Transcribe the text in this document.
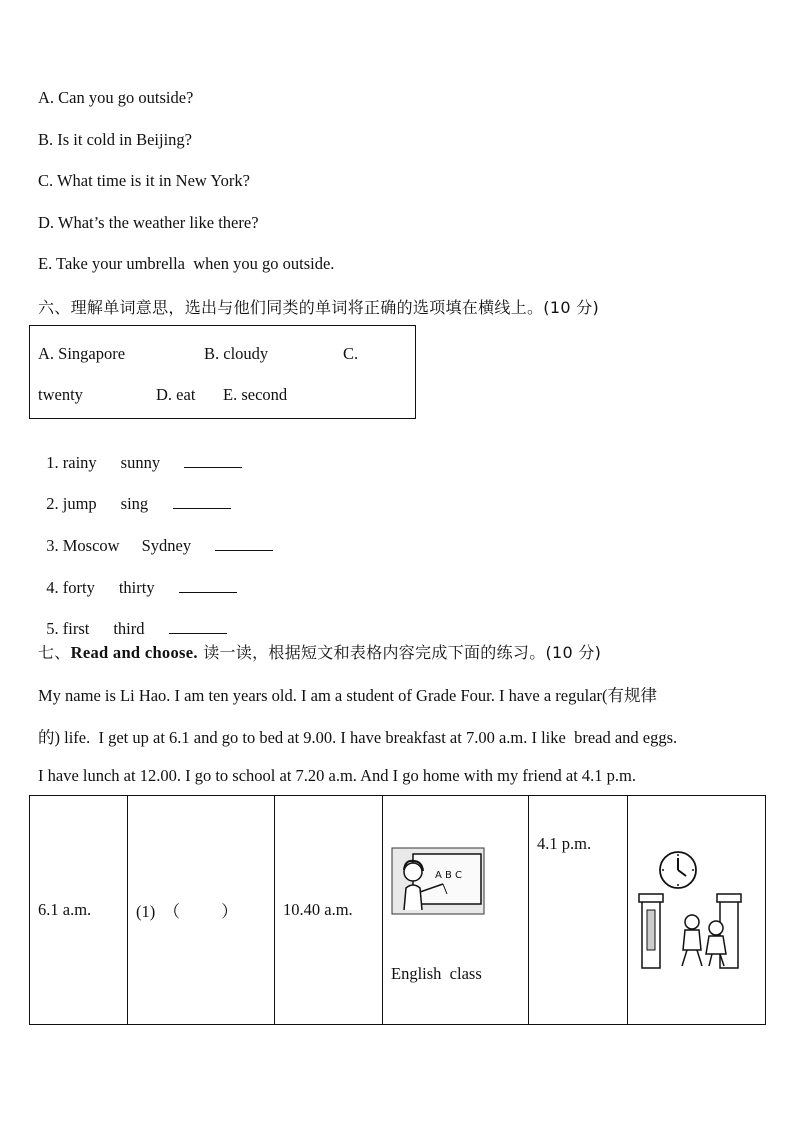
A. Can you go outside?
B. Is it cold in Beijing?
C. What time is it in New York?
D. What’s the weather like there?
E. Take your umbrella  when you go outside.
六、理解单词意思，选出与他们同类的单词将正确的选项填在横线上。(10 分)
A. Singapore	B. cloudy	C.
twenty	D. eat E. second

1. rainy sunny

2. jump sing

3. Moscow Sydney

4. forty thirty

5. first third

七、Read and choose. 读一读，根据短文和表格内容完成下面的练习。(10 分)
My name is Li Hao. I am ten years old. I am a student of Grade Four. I have a regular(有规律
的) life.  I get up at 6.1 and go to bed at 9.00. I have breakfast at 7.00 a.m. I like  bread and eggs.
I have lunch at 12.00. I go to school at 7.20 a.m. And I go home with my friend at 4.1 p.m.
6.1 a.m.	(1)  （          ）	10.40 a.m.	

A B C

English  class

	4.1 p.m.	
